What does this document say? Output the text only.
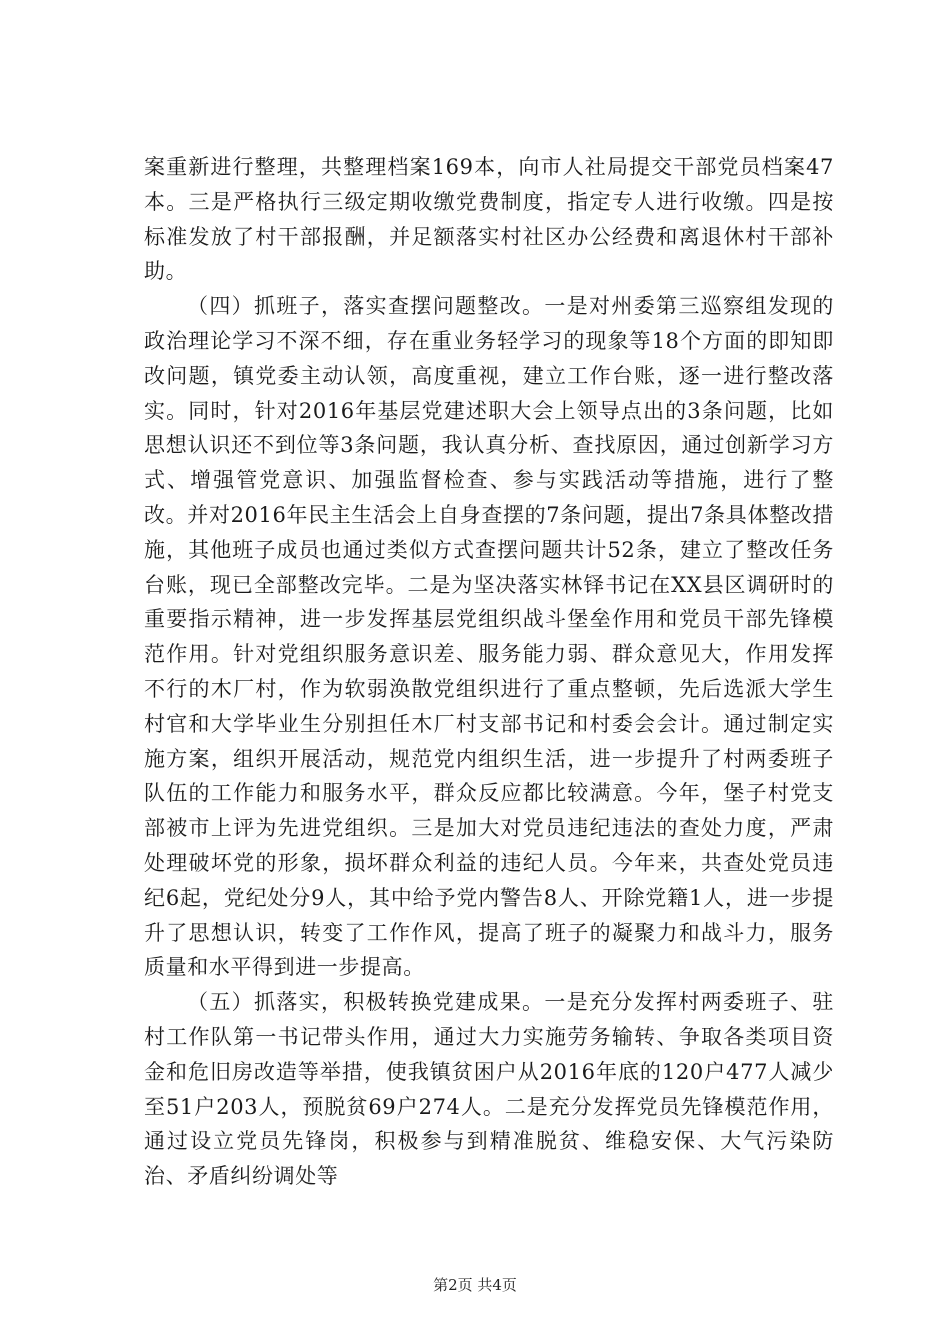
案重新进行整理，共整理档案169本，向市人社局提交干部党员档案47本。三是严格执行三级定期收缴党费制度，指定专人进行收缴。四是按标准发放了村干部报酬，并足额落实村社区办公经费和离退休村干部补助。

（四）抓班子，落实查摆问题整改。一是对州委第三巡察组发现的政治理论学习不深不细，存在重业务轻学习的现象等18个方面的即知即改问题，镇党委主动认领，高度重视，建立工作台账，逐一进行整改落实。同时，针对2016年基层党建述职大会上领导点出的3条问题，比如思想认识还不到位等3条问题，我认真分析、查找原因，通过创新学习方式、增强管党意识、加强监督检查、参与实践活动等措施，进行了整改。并对2016年民主生活会上自身查摆的7条问题，提出7条具体整改措施，其他班子成员也通过类似方式查摆问题共计52条，建立了整改任务台账，现已全部整改完毕。二是为坚决落实林铎书记在XX县区调研时的重要指示精神，进一步发挥基层党组织战斗堡垒作用和党员干部先锋模范作用。针对党组织服务意识差、服务能力弱、群众意见大，作用发挥不行的木厂村，作为软弱涣散党组织进行了重点整顿，先后选派大学生村官和大学毕业生分别担任木厂村支部书记和村委会会计。通过制定实施方案，组织开展活动，规范党内组织生活，进一步提升了村两委班子队伍的工作能力和服务水平，群众反应都比较满意。今年，堡子村党支部被市上评为先进党组织。三是加大对党员违纪违法的查处力度，严肃处理破坏党的形象，损坏群众利益的违纪人员。今年来，共查处党员违纪6起，党纪处分9人，其中给予党内警告8人、开除党籍1人，进一步提升了思想认识，转变了工作作风，提高了班子的凝聚力和战斗力，服务质量和水平得到进一步提高。

（五）抓落实，积极转换党建成果。一是充分发挥村两委班子、驻村工作队第一书记带头作用，通过大力实施劳务输转、争取各类项目资金和危旧房改造等举措，使我镇贫困户从2016年底的120户477人减少至51户203人，预脱贫69户274人。二是充分发挥党员先锋模范作用，通过设立党员先锋岗，积极参与到精准脱贫、维稳安保、大气污染防治、矛盾纠纷调处等

第2页 共4页
